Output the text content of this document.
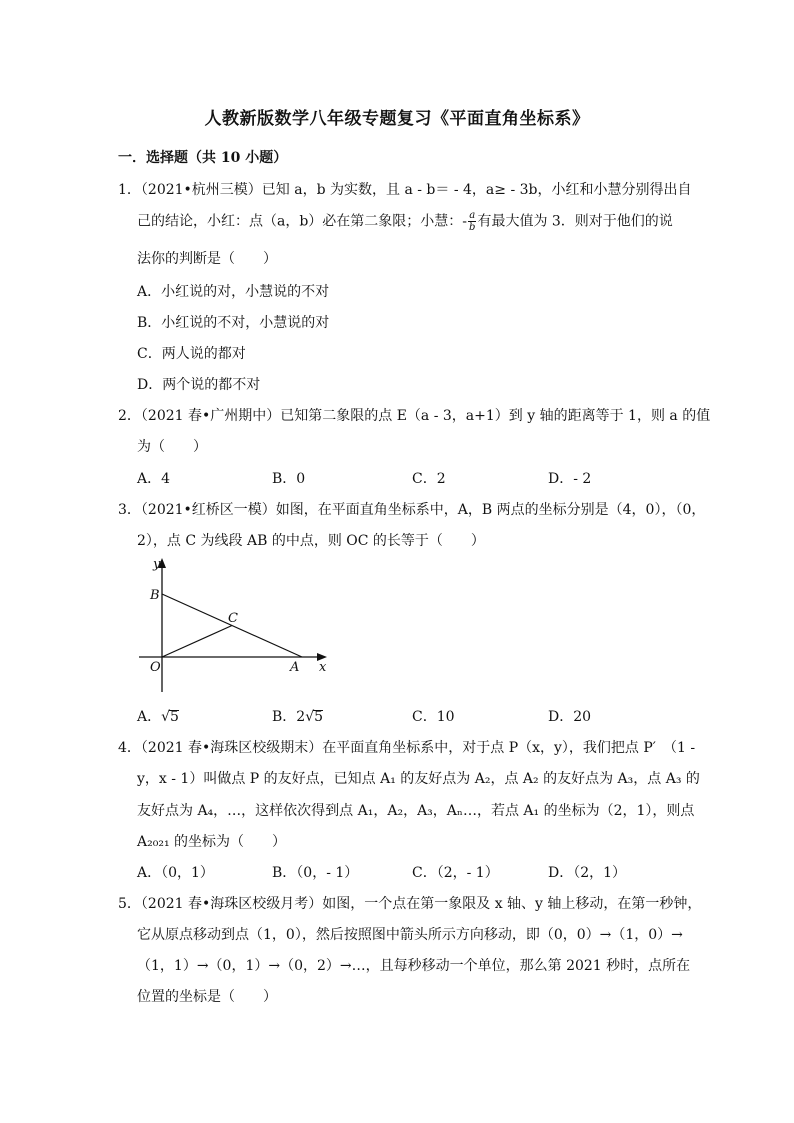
人教新版数学八年级专题复习《平面直角坐标系》
一．选择题（共 10 小题）
1．（2021•杭州三模）已知 a，b 为实数，且 a - b＝ - 4，a≥ - 3b，小红和小慧分别得出自
己的结论，小红：点（a，b）必在第二象限；小慧：- $\frac{a}{b}$ 有最大值为 3．则对于他们的说
法你的判断是（　　）
A．小红说的对，小慧说的不对
B．小红说的不对，小慧说的对
C．两人说的都对
D．两个说的都不对
2．（2021 春•广州期中）已知第二象限的点 E（a - 3，a+1）到 y 轴的距离等于 1，则 a 的值
为（　　）
A．4	B．0	C．2	D．- 2
3．（2021•红桥区一模）如图，在平面直角坐标系中，A，B 两点的坐标分别是（4，0），（0，
2），点 C 为线段 AB 的中点，则 OC 的长等于（　　）
y
x
B
C
O	A
A．√5	B．2√5	C．10	D．20
4．（2021 春•海珠区校级期末）在平面直角坐标系中，对于点 P（x，y），我们把点 P′　（1 -
y，x - 1）叫做点 P 的友好点，已知点 A₁ 的友好点为 A₂，点 A₂ 的友好点为 A₃，点 A₃ 的
友好点为 A₄，…，这样依次得到点 A₁，A₂，A₃，Aₙ…，若点 A₁ 的坐标为（2，1），则点
A₂₀₂₁ 的坐标为（　　）
A．（0，1）	B．（0，- 1）	C．（2，- 1）	D．（2，1）
5．（2021 春•海珠区校级月考）如图，一个点在第一象限及 x 轴、y 轴上移动，在第一秒钟，
它从原点移动到点（1，0），然后按照图中箭头所示方向移动，即（0，0）→（1，0）→
（1，1）→（0，1）→（0，2）→…，且每秒移动一个单位，那么第 2021 秒时，点所在
位置的坐标是（　　）
